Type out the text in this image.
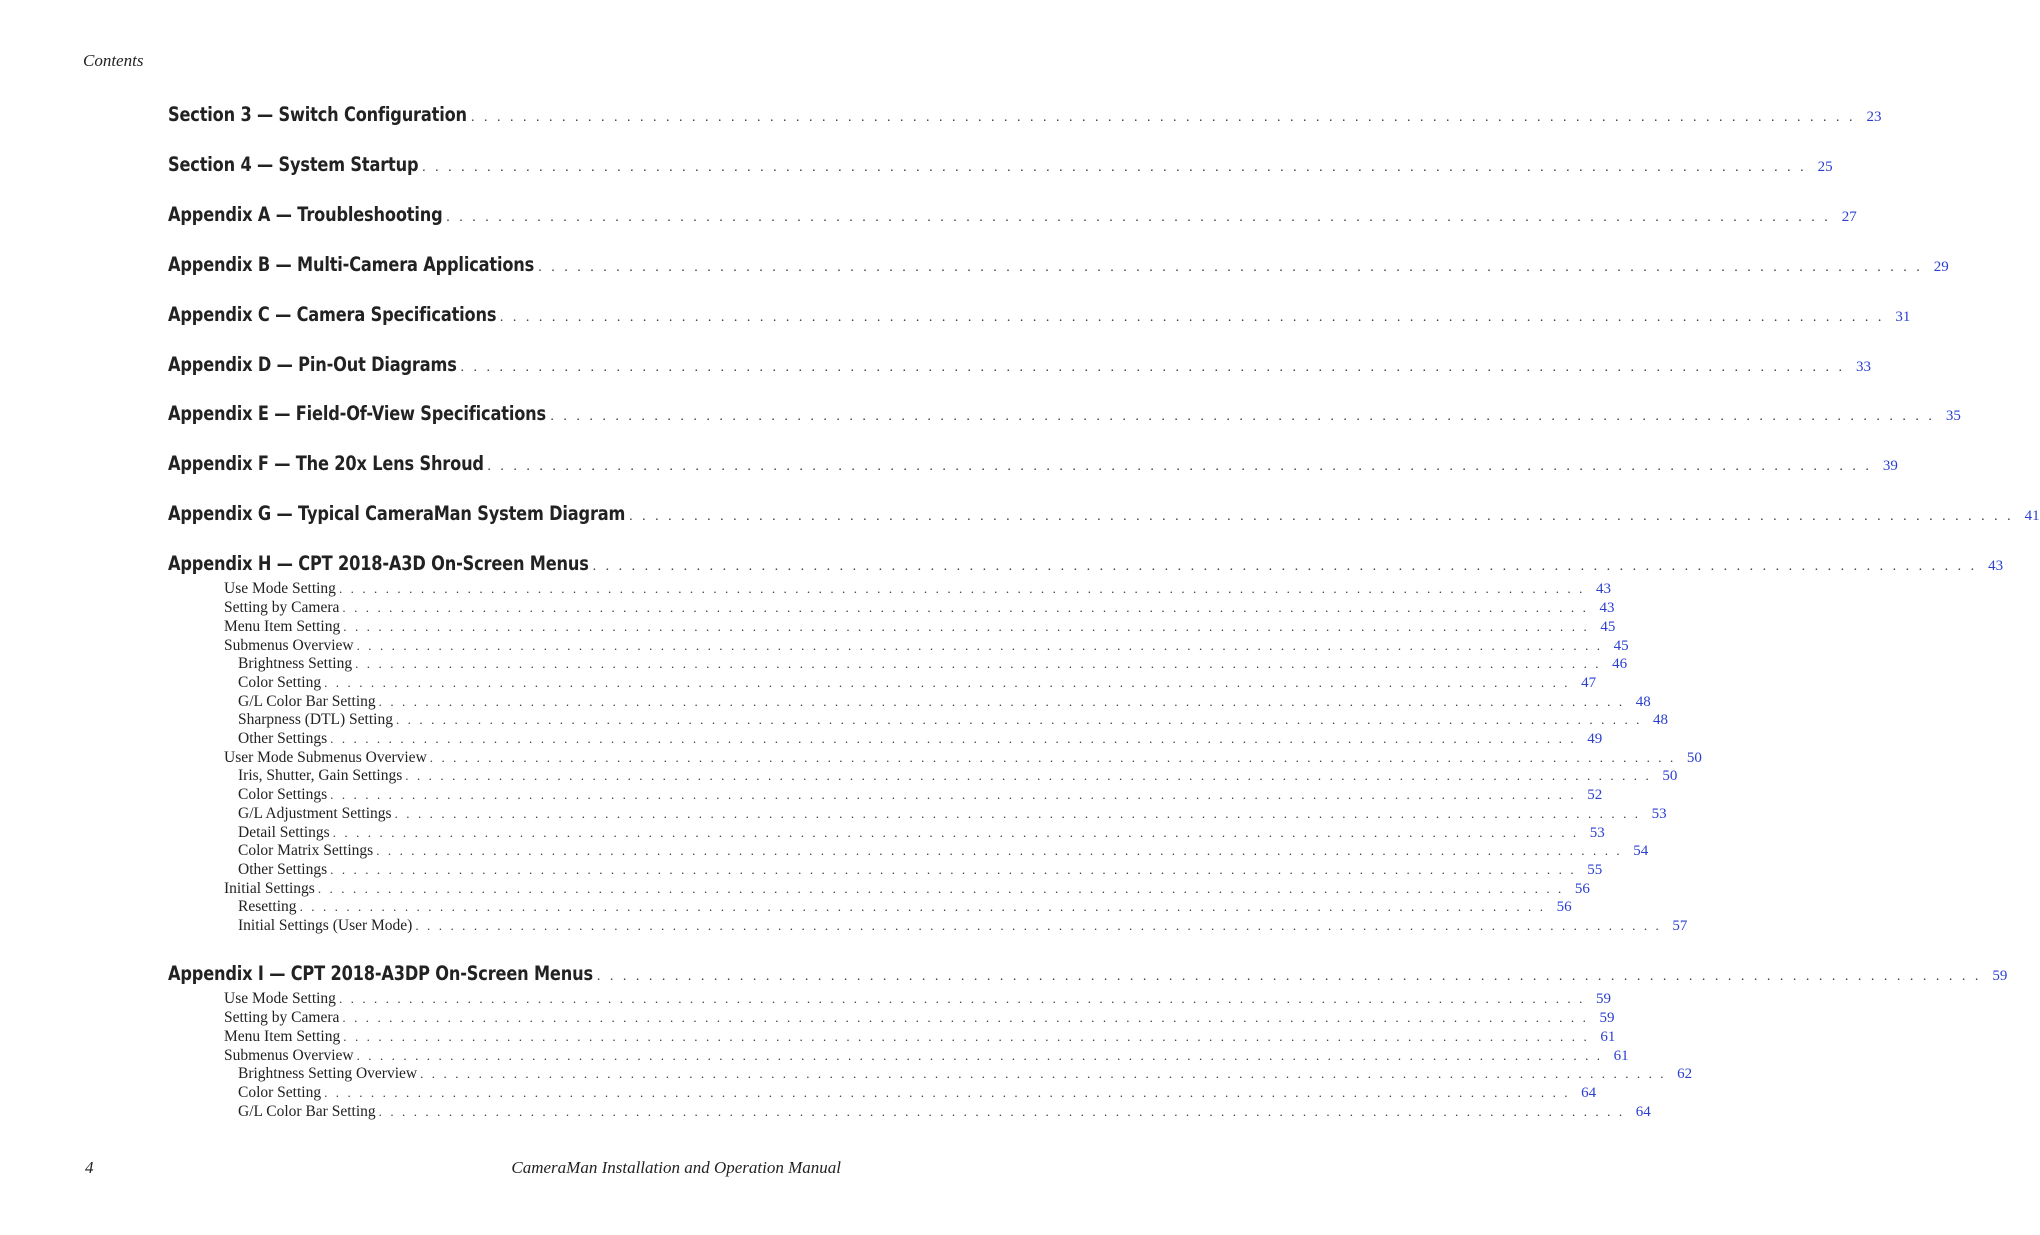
Contents
Section 3 — Switch Configuration . . . . . . . . . . . . . . . . . . . . . . . . . . . . . . . . . . . . . . . . . . . . . . . . . . . . . . . . . . . . . . . . . . . . . . . . . . . . . . . . . . . . . . . . . . . . . . . . . . . . . . . . . . . 23
Section 4 — System Startup . . . . . . . . . . . . . . . . . . . . . . . . . . . . . . . . . . . . . . . . . . . . . . . . . . . . . . . . . . . . . . . . . . . . . . . . . . . . . . . . . . . . . . . . . . . . . . . . . . . . . . . . . . . 25
Appendix A — Troubleshooting . . . . . . . . . . . . . . . . . . . . . . . . . . . . . . . . . . . . . . . . . . . . . . . . . . . . . . . . . . . . . . . . . . . . . . . . . . . . . . . . . . . . . . . . . . . . . . . . . . . . . . . . . . . 27
Appendix B — Multi-Camera Applications . . . . . . . . . . . . . . . . . . . . . . . . . . . . . . . . . . . . . . . . . . . . . . . . . . . . . . . . . . . . . . . . . . . . . . . . . . . . . . . . . . . . . . . . . . . . . . . . . . . . . . . . . . . 29
Appendix C — Camera Specifications . . . . . . . . . . . . . . . . . . . . . . . . . . . . . . . . . . . . . . . . . . . . . . . . . . . . . . . . . . . . . . . . . . . . . . . . . . . . . . . . . . . . . . . . . . . . . . . . . . . . . . . . . . . 31
Appendix D — Pin-Out Diagrams . . . . . . . . . . . . . . . . . . . . . . . . . . . . . . . . . . . . . . . . . . . . . . . . . . . . . . . . . . . . . . . . . . . . . . . . . . . . . . . . . . . . . . . . . . . . . . . . . . . . . . . . . . . 33
Appendix E — Field-Of-View Specifications . . . . . . . . . . . . . . . . . . . . . . . . . . . . . . . . . . . . . . . . . . . . . . . . . . . . . . . . . . . . . . . . . . . . . . . . . . . . . . . . . . . . . . . . . . . . . . . . . . . . . . . . . . . 35
Appendix F — The 20x Lens Shroud . . . . . . . . . . . . . . . . . . . . . . . . . . . . . . . . . . . . . . . . . . . . . . . . . . . . . . . . . . . . . . . . . . . . . . . . . . . . . . . . . . . . . . . . . . . . . . . . . . . . . . . . . . . 39
Appendix G — Typical CameraMan System Diagram . . . . . . . . . . . . . . . . . . . . . . . . . . . . . . . . . . . . . . . . . . . . . . . . . . . . . . . . . . . . . . . . . . . . . . . . . . . . . . . . . . . . . . . . . . . . . . . . . . . . . . . . . . . 41
Appendix H — CPT 2018-A3D On-Screen Menus . . . . . . . . . . . . . . . . . . . . . . . . . . . . . . . . . . . . . . . . . . . . . . . . . . . . . . . . . . . . . . . . . . . . . . . . . . . . . . . . . . . . . . . . . . . . . . . . . . . . . . . . . . . 43
Appendix I — CPT 2018-A3DP On-Screen Menus . . . . . . . . . . . . . . . . . . . . . . . . . . . . . . . . . . . . . . . . . . . . . . . . . . . . . . . . . . . . . . . . . . . . . . . . . . . . . . . . . . . . . . . . . . . . . . . . . . . . . . . . . . . 59
Use Mode Setting . . . . . . . . . . . . . . . . . . . . . . . . . . . . . . . . . . . . . . . . . . . . . . . . . . . . . . . . . . . . . . . . . . . . . . . . . . . . . . . . . . . . . . . . . . . . . . . . . . . . . . . . . . . 43
Setting by Camera . . . . . . . . . . . . . . . . . . . . . . . . . . . . . . . . . . . . . . . . . . . . . . . . . . . . . . . . . . . . . . . . . . . . . . . . . . . . . . . . . . . . . . . . . . . . . . . . . . . . . . . . . . . 43
Menu Item Setting . . . . . . . . . . . . . . . . . . . . . . . . . . . . . . . . . . . . . . . . . . . . . . . . . . . . . . . . . . . . . . . . . . . . . . . . . . . . . . . . . . . . . . . . . . . . . . . . . . . . . . . . . . . 45
Submenus Overview . . . . . . . . . . . . . . . . . . . . . . . . . . . . . . . . . . . . . . . . . . . . . . . . . . . . . . . . . . . . . . . . . . . . . . . . . . . . . . . . . . . . . . . . . . . . . . . . . . . . . . . . . . . 45
Brightness Setting . . . . . . . . . . . . . . . . . . . . . . . . . . . . . . . . . . . . . . . . . . . . . . . . . . . . . . . . . . . . . . . . . . . . . . . . . . . . . . . . . . . . . . . . . . . . . . . . . . . . . . . . . . . 46
Color Setting . . . . . . . . . . . . . . . . . . . . . . . . . . . . . . . . . . . . . . . . . . . . . . . . . . . . . . . . . . . . . . . . . . . . . . . . . . . . . . . . . . . . . . . . . . . . . . . . . . . . . . . . . . . 47
G/L Color Bar Setting . . . . . . . . . . . . . . . . . . . . . . . . . . . . . . . . . . . . . . . . . . . . . . . . . . . . . . . . . . . . . . . . . . . . . . . . . . . . . . . . . . . . . . . . . . . . . . . . . . . . . . . . . . . 48
Sharpness (DTL) Setting . . . . . . . . . . . . . . . . . . . . . . . . . . . . . . . . . . . . . . . . . . . . . . . . . . . . . . . . . . . . . . . . . . . . . . . . . . . . . . . . . . . . . . . . . . . . . . . . . . . . . . . . . . . 48
Other Settings . . . . . . . . . . . . . . . . . . . . . . . . . . . . . . . . . . . . . . . . . . . . . . . . . . . . . . . . . . . . . . . . . . . . . . . . . . . . . . . . . . . . . . . . . . . . . . . . . . . . . . . . . . . 49
User Mode Submenus Overview . . . . . . . . . . . . . . . . . . . . . . . . . . . . . . . . . . . . . . . . . . . . . . . . . . . . . . . . . . . . . . . . . . . . . . . . . . . . . . . . . . . . . . . . . . . . . . . . . . . . . . . . . . . 50
Iris, Shutter, Gain Settings . . . . . . . . . . . . . . . . . . . . . . . . . . . . . . . . . . . . . . . . . . . . . . . . . . . . . . . . . . . . . . . . . . . . . . . . . . . . . . . . . . . . . . . . . . . . . . . . . . . . . . . . . . . 50
Color Settings . . . . . . . . . . . . . . . . . . . . . . . . . . . . . . . . . . . . . . . . . . . . . . . . . . . . . . . . . . . . . . . . . . . . . . . . . . . . . . . . . . . . . . . . . . . . . . . . . . . . . . . . . . . 52
G/L Adjustment Settings . . . . . . . . . . . . . . . . . . . . . . . . . . . . . . . . . . . . . . . . . . . . . . . . . . . . . . . . . . . . . . . . . . . . . . . . . . . . . . . . . . . . . . . . . . . . . . . . . . . . . . . . . . . 53
Detail Settings . . . . . . . . . . . . . . . . . . . . . . . . . . . . . . . . . . . . . . . . . . . . . . . . . . . . . . . . . . . . . . . . . . . . . . . . . . . . . . . . . . . . . . . . . . . . . . . . . . . . . . . . . . . 53
Color Matrix Settings . . . . . . . . . . . . . . . . . . . . . . . . . . . . . . . . . . . . . . . . . . . . . . . . . . . . . . . . . . . . . . . . . . . . . . . . . . . . . . . . . . . . . . . . . . . . . . . . . . . . . . . . . . . 54
Other Settings . . . . . . . . . . . . . . . . . . . . . . . . . . . . . . . . . . . . . . . . . . . . . . . . . . . . . . . . . . . . . . . . . . . . . . . . . . . . . . . . . . . . . . . . . . . . . . . . . . . . . . . . . . . 55
Initial Settings . . . . . . . . . . . . . . . . . . . . . . . . . . . . . . . . . . . . . . . . . . . . . . . . . . . . . . . . . . . . . . . . . . . . . . . . . . . . . . . . . . . . . . . . . . . . . . . . . . . . . . . . . . . 56
Resetting . . . . . . . . . . . . . . . . . . . . . . . . . . . . . . . . . . . . . . . . . . . . . . . . . . . . . . . . . . . . . . . . . . . . . . . . . . . . . . . . . . . . . . . . . . . . . . . . . . . . . . . . . . . 56
Initial Settings (User Mode) . . . . . . . . . . . . . . . . . . . . . . . . . . . . . . . . . . . . . . . . . . . . . . . . . . . . . . . . . . . . . . . . . . . . . . . . . . . . . . . . . . . . . . . . . . . . . . . . . . . . . . . . . . . 57
Use Mode Setting . . . . . . . . . . . . . . . . . . . . . . . . . . . . . . . . . . . . . . . . . . . . . . . . . . . . . . . . . . . . . . . . . . . . . . . . . . . . . . . . . . . . . . . . . . . . . . . . . . . . . . . . . . . 59
Setting by Camera . . . . . . . . . . . . . . . . . . . . . . . . . . . . . . . . . . . . . . . . . . . . . . . . . . . . . . . . . . . . . . . . . . . . . . . . . . . . . . . . . . . . . . . . . . . . . . . . . . . . . . . . . . . 59
Menu Item Setting . . . . . . . . . . . . . . . . . . . . . . . . . . . . . . . . . . . . . . . . . . . . . . . . . . . . . . . . . . . . . . . . . . . . . . . . . . . . . . . . . . . . . . . . . . . . . . . . . . . . . . . . . . . 61
Submenus Overview . . . . . . . . . . . . . . . . . . . . . . . . . . . . . . . . . . . . . . . . . . . . . . . . . . . . . . . . . . . . . . . . . . . . . . . . . . . . . . . . . . . . . . . . . . . . . . . . . . . . . . . . . . . 61
Brightness Setting Overview . . . . . . . . . . . . . . . . . . . . . . . . . . . . . . . . . . . . . . . . . . . . . . . . . . . . . . . . . . . . . . . . . . . . . . . . . . . . . . . . . . . . . . . . . . . . . . . . . . . . . . . . . . . 62
Color Setting . . . . . . . . . . . . . . . . . . . . . . . . . . . . . . . . . . . . . . . . . . . . . . . . . . . . . . . . . . . . . . . . . . . . . . . . . . . . . . . . . . . . . . . . . . . . . . . . . . . . . . . . . . . 64
G/L Color Bar Setting . . . . . . . . . . . . . . . . . . . . . . . . . . . . . . . . . . . . . . . . . . . . . . . . . . . . . . . . . . . . . . . . . . . . . . . . . . . . . . . . . . . . . . . . . . . . . . . . . . . . . . . . . . . 64
4	CameraMan Installation and Operation Manual
